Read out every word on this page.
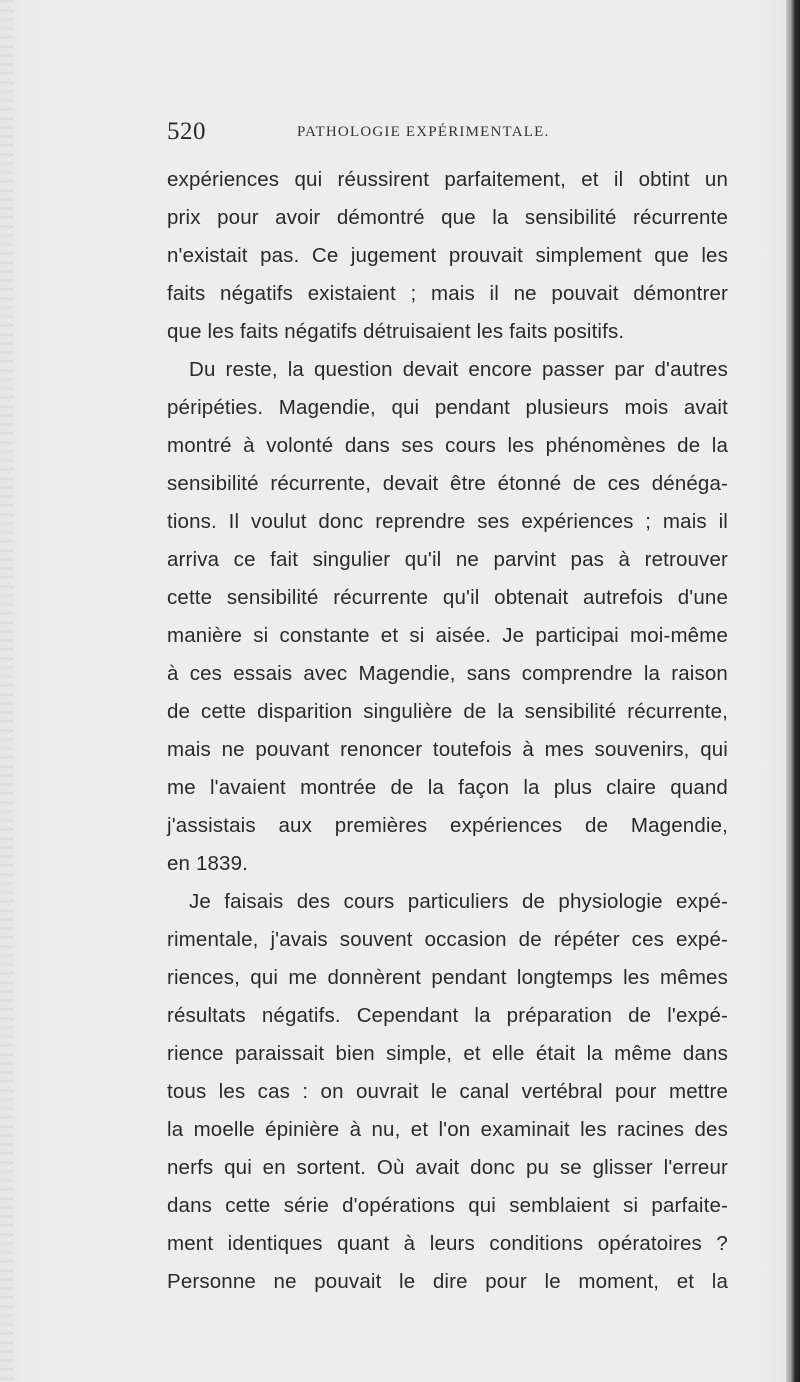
520	PATHOLOGIE EXPÉRIMENTALE.
expériences qui réussirent parfaitement, et il obtint un
prix pour avoir démontré que la sensibilité récurrente
n'existait pas. Ce jugement prouvait simplement que les
faits négatifs existaient ; mais il ne pouvait démontrer
que les faits négatifs détruisaient les faits positifs.
Du reste, la question devait encore passer par d'autres
péripéties. Magendie, qui pendant plusieurs mois avait
montré à volonté dans ses cours les phénomènes de la
sensibilité récurrente, devait être étonné de ces dénéga-
tions. Il voulut donc reprendre ses expériences ; mais il
arriva ce fait singulier qu'il ne parvint pas à retrouver
cette sensibilité récurrente qu'il obtenait autrefois d'une
manière si constante et si aisée. Je participai moi-même
à ces essais avec Magendie, sans comprendre la raison
de cette disparition singulière de la sensibilité récurrente,
mais ne pouvant renoncer toutefois à mes souvenirs, qui
me l'avaient montrée de la façon la plus claire quand
j'assistais aux premières expériences de Magendie,
en 1839.
Je faisais des cours particuliers de physiologie expé-
rimentale, j'avais souvent occasion de répéter ces expé-
riences, qui me donnèrent pendant longtemps les mêmes
résultats négatifs. Cependant la préparation de l'expé-
rience paraissait bien simple, et elle était la même dans
tous les cas : on ouvrait le canal vertébral pour mettre
la moelle épinière à nu, et l'on examinait les racines des
nerfs qui en sortent. Où avait donc pu se glisser l'erreur
dans cette série d'opérations qui semblaient si parfaite-
ment identiques quant à leurs conditions opératoires ?
Personne ne pouvait le dire pour le moment, et la
